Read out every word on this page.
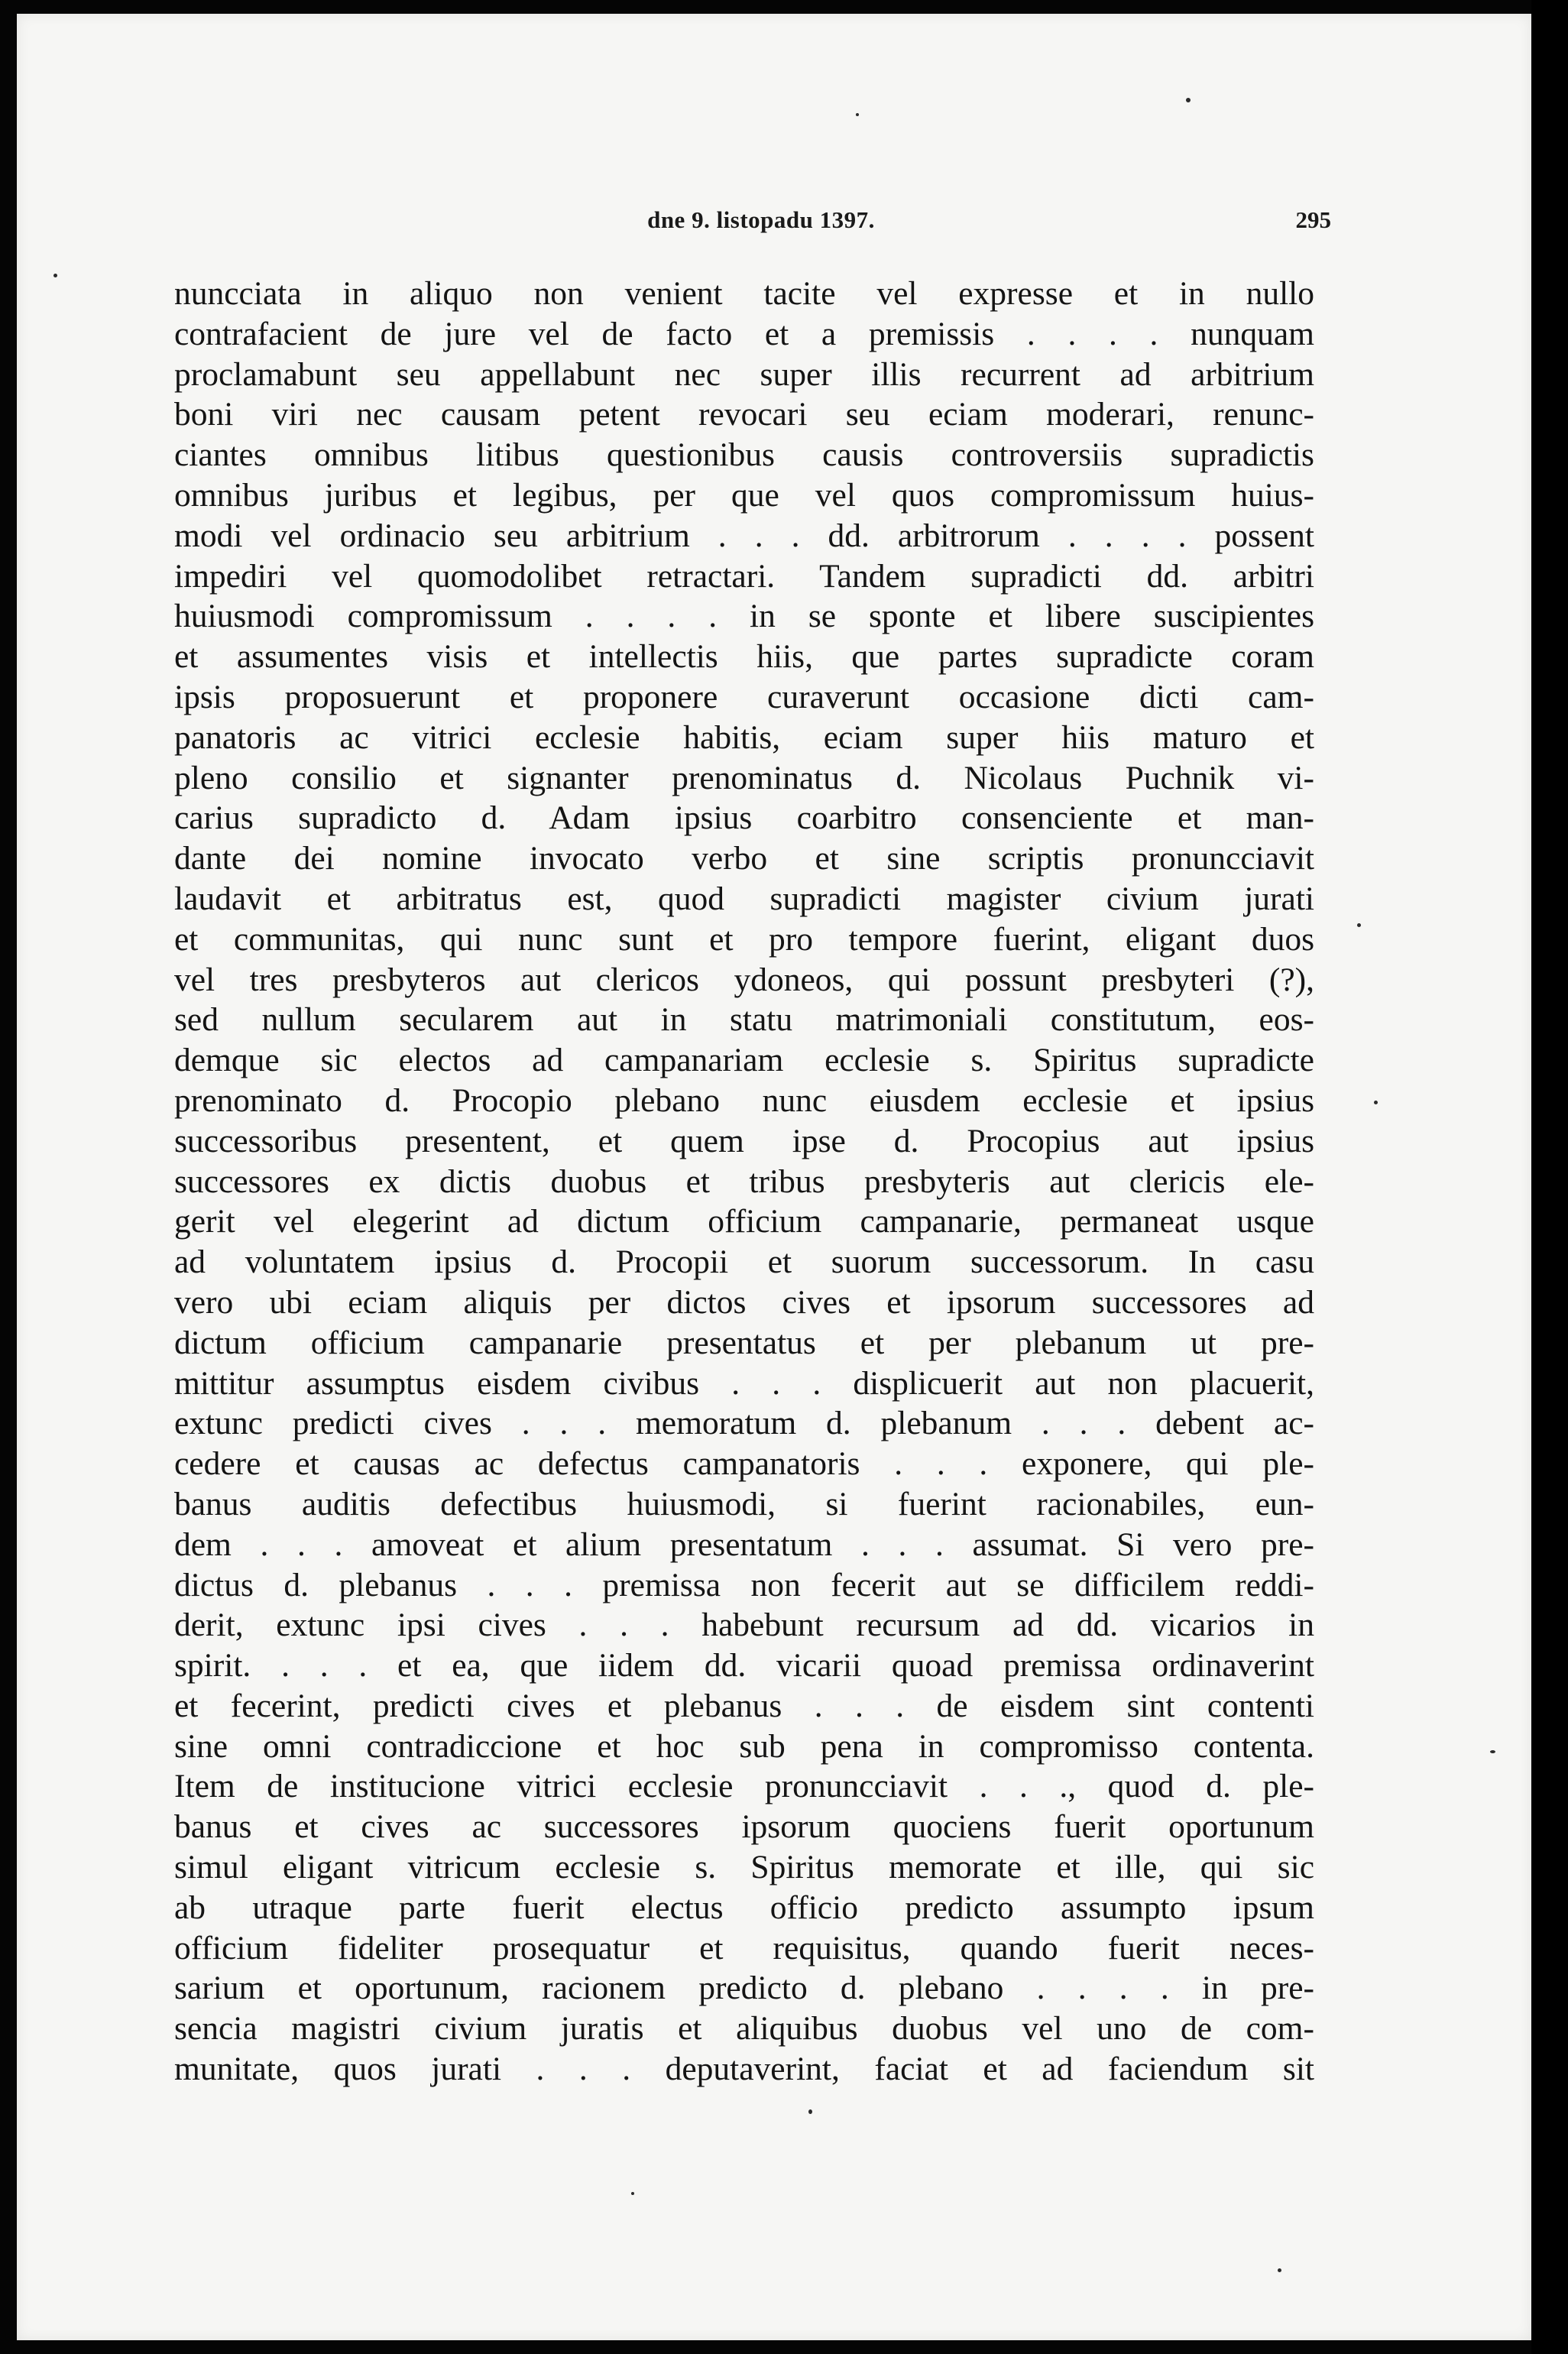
dne 9. listopadu 1397.	295
nuncciata in aliquo non venient tacite vel expresse et in nullo
contrafacient de jure vel de facto et a premissis . . . . nunquam
proclamabunt seu appellabunt nec super illis recurrent ad arbitrium
boni viri nec causam petent revocari seu eciam moderari, renunc-
ciantes omnibus litibus questionibus causis controversiis supradictis
omnibus juribus et legibus, per que vel quos compromissum huius-
modi vel ordinacio seu arbitrium . . . dd. arbitrorum . . . . possent
impediri vel quomodolibet retractari. Tandem supradicti dd. arbitri
huiusmodi compromissum . . . . in se sponte et libere suscipientes
et assumentes visis et intellectis hiis, que partes supradicte coram
ipsis proposuerunt et proponere curaverunt occasione dicti cam-
panatoris ac vitrici ecclesie habitis, eciam super hiis maturo et
pleno consilio et signanter prenominatus d. Nicolaus Puchnik vi-
carius supradicto d. Adam ipsius coarbitro consenciente et man-
dante dei nomine invocato verbo et sine scriptis pronuncciavit
laudavit et arbitratus est, quod supradicti magister civium jurati
et communitas, qui nunc sunt et pro tempore fuerint, eligant duos
vel tres presbyteros aut clericos ydoneos, qui possunt presbyteri (?),
sed nullum secularem aut in statu matrimoniali constitutum, eos-
demque sic electos ad campanariam ecclesie s. Spiritus supradicte
prenominato d. Procopio plebano nunc eiusdem ecclesie et ipsius
successoribus presentent, et quem ipse d. Procopius aut ipsius
successores ex dictis duobus et tribus presbyteris aut clericis ele-
gerit vel elegerint ad dictum officium campanarie, permaneat usque
ad voluntatem ipsius d. Procopii et suorum successorum. In casu
vero ubi eciam aliquis per dictos cives et ipsorum successores ad
dictum officium campanarie presentatus et per plebanum ut pre-
mittitur assumptus eisdem civibus . . . displicuerit aut non placuerit,
extunc predicti cives . . . memoratum d. plebanum . . . debent ac-
cedere et causas ac defectus campanatoris . . . exponere, qui ple-
banus auditis defectibus huiusmodi, si fuerint racionabiles, eun-
dem . . . amoveat et alium presentatum . . . assumat. Si vero pre-
dictus d. plebanus . . . premissa non fecerit aut se difficilem reddi-
derit, extunc ipsi cives . . . habebunt recursum ad dd. vicarios in
spirit. . . . et ea, que iidem dd. vicarii quoad premissa ordinaverint
et fecerint, predicti cives et plebanus . . . de eisdem sint contenti
sine omni contradiccione et hoc sub pena in compromisso contenta.
Item de institucione vitrici ecclesie pronuncciavit . . ., quod d. ple-
banus et cives ac successores ipsorum quociens fuerit oportunum
simul eligant vitricum ecclesie s. Spiritus memorate et ille, qui sic
ab utraque parte fuerit electus officio predicto assumpto ipsum
officium fideliter prosequatur et requisitus, quando fuerit neces-
sarium et oportunum, racionem predicto d. plebano . . . . in pre-
sencia magistri civium juratis et aliquibus duobus vel uno de com-
munitate, quos jurati . . . deputaverint, faciat et ad faciendum sit
